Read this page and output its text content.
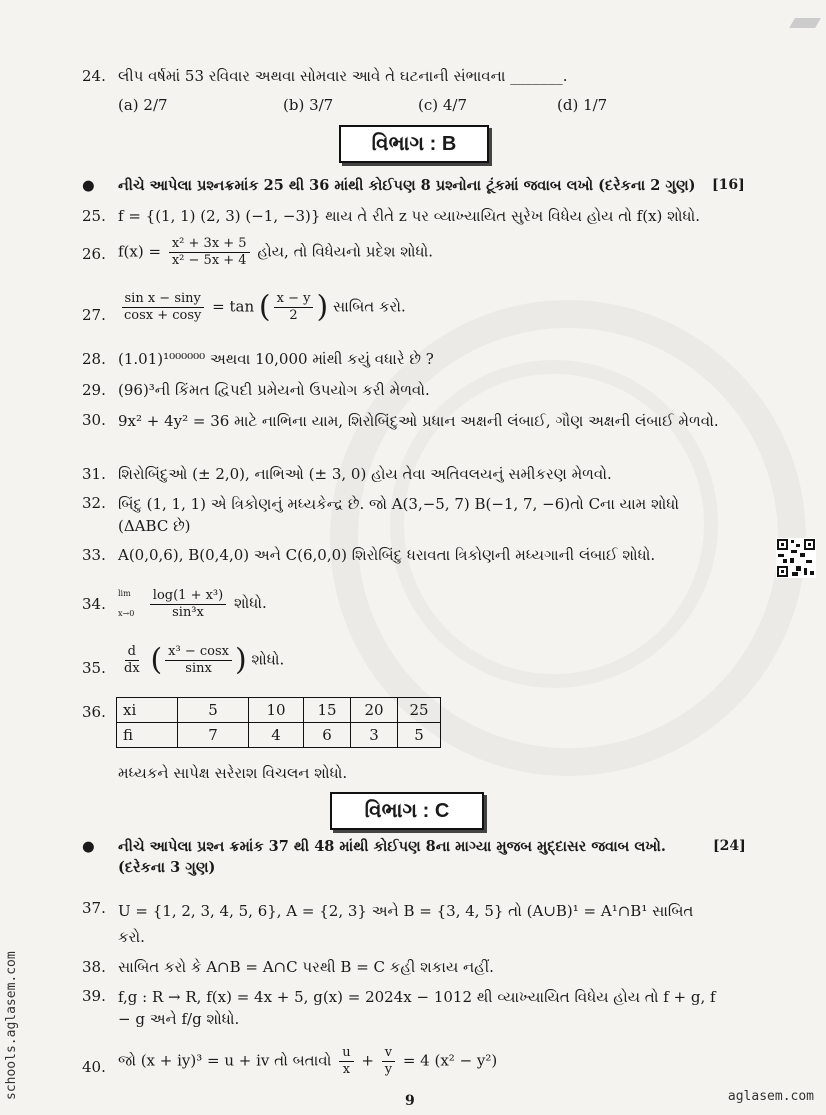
24. લીપ વર્ષમાં 53 રવિવાર અથવા સોમવાર આવે તે ઘટનાની સંભાવના _______.
(a) 2/7	(b) 3/7	(c) 4/7	(d) 1/7
વિભાગ : B
● નીચે આપેલા પ્રશ્નક્રમાંક 25 થી 36 માંથી કોઈપણ 8 પ્રશ્નોના ટૂંકમાં જવાબ લખો (દરેકના 2 ગુણ)	[16]
25. f = {(1, 1) (2, 3) (−1, −3)} થાય તે રીતે z પર વ્યાખ્યાયિત સુરેખ વિધેય હોય તો f(x) શોધો.
26. $f(x) = \frac{\text{x² + 3x + 5}}{\text{x² − 5x + 4}}$ હોય, તો વિધેયનો પ્રદેશ શોધો.
27.	$\frac{\text{sin x − siny}}{\cos x + \cos y} = \tan$ ( $\frac{x - y}{2}$ ) સાબિત કરો.
28. (1.01)¹⁰⁰⁰⁰⁰⁰ અથવા 10,000 માંથી કયું વધારે છે ?
29. (96)³ની કિંમત દ્વિપદી પ્રમેયનો ઉપયોગ કરી મેળવો.
30. 9x² + 4y² = 36 માટે નાભિના યામ, શિરોબિંદુઓ પ્રધાન અક્ષની લંબાઈ, ગૌણ અક્ષની લંબાઈ મેળવો.
31. શિરોબિંદુઓ (± 2,0), નાભિઓ (± 3, 0) હોય તેવા અતિવલયનું સમીકરણ મેળવો.
32. બિંદુ (1, 1, 1) એ ત્રિકોણનું મધ્યકેન્દ્ર છે. જો A(3,−5, 7) B(−1, 7, −6)તો Cના યામ શોધો (ΔABC છે)
33. A(0,0,6), B(0,4,0) અને C(6,0,0) શિરોબિંદુ ધરાવતા ત્રિકોણની મધ્યગાની લંબાઈ શોધો.
34.
$\lim x\to 0 \frac{\text{log(1 + x³)}}{\text{sin³x}}$ શોધો.
35.	$\frac{d}{dx}$ ( $\frac{\text{x³ − cosx}}{\sin x}$ ) શોધો.
36.	xi	5	10	15	20	25
fi	7	4	6	3	5
મધ્યકને સાપેક્ષ સરેરાશ વિચલન શોધો.
વિભાગ : C
● નીચે આપેલા પ્રશ્ન ક્રમાંક 37 થી 48 માંથી કોઈપણ 8ના માગ્યા મુજબ મુદ્દાસર જવાબ લખો. (દરેકના 3 ગુણ)
[24]
37. U = {1, 2, 3, 4, 5, 6}, A = {2, 3} અને B = {3, 4, 5} તો (A∪B)¹ = A¹∩B¹ સાબિત કરો.
38. સાબિત કરો કે A∩B = A∩C પરથી B = C કહી શકાય નહીં.
39. f,g : R → R, f(x) = 4x + 5, g(x) = 2024x − 1012 થી વ્યાખ્યાયિત વિધેય હોય તો f + g, f − g અને f/g શોધો.
40. જો (x + iy)³ = u + iv તો બતાવો $\frac{u}{x} + \frac{v}{y} = 4$ (x² − y²)
schools.aglasem.com
9	aglasem.com
